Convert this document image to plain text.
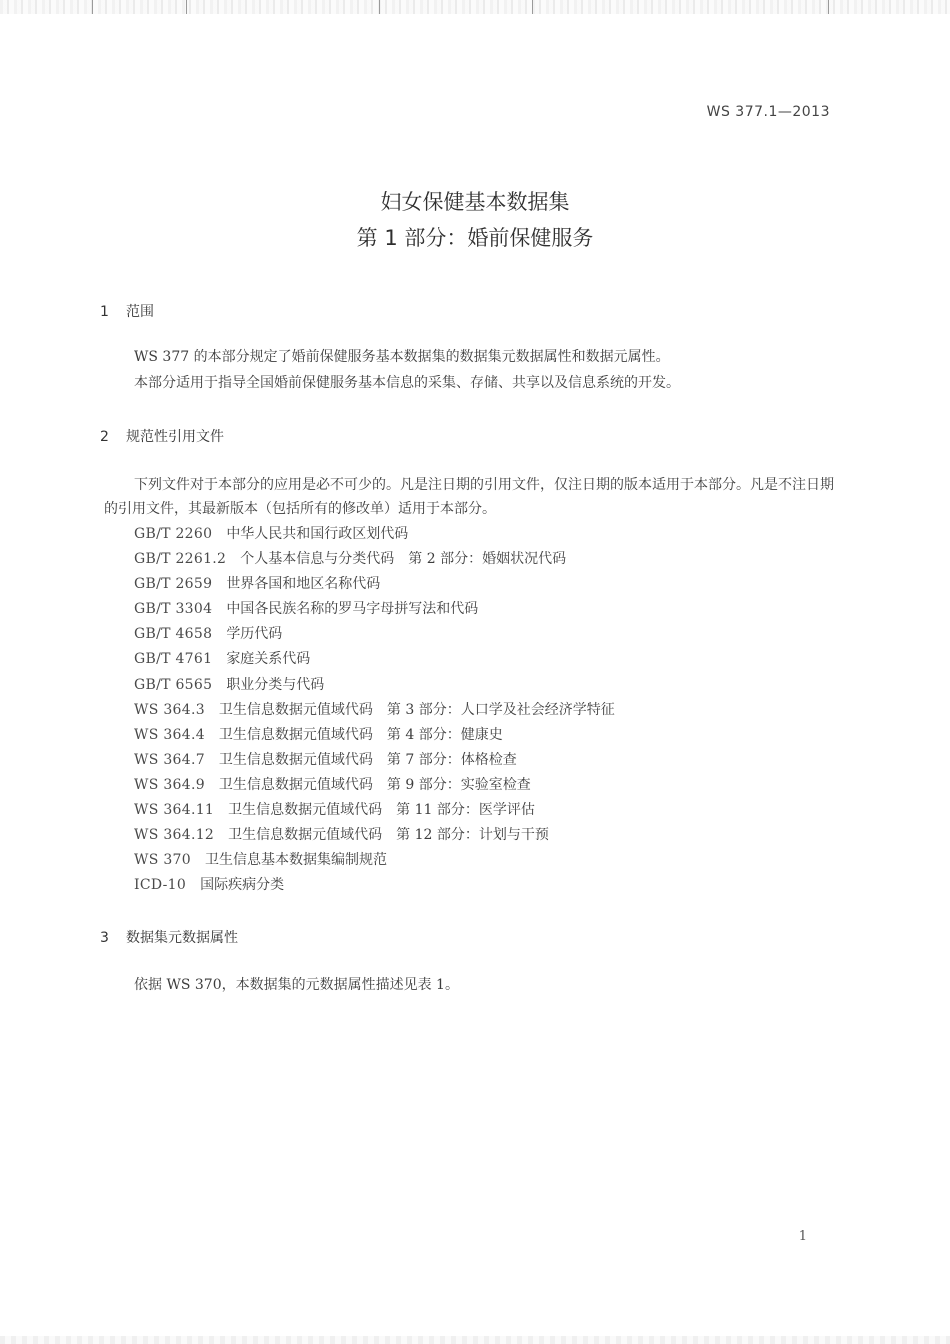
WS 377.1—2013
妇女保健基本数据集
第 1 部分：婚前保健服务
1 范围
WS 377 的本部分规定了婚前保健服务基本数据集的数据集元数据属性和数据元属性。
本部分适用于指导全国婚前保健服务基本信息的采集、存储、共享以及信息系统的开发。
2 规范性引用文件
下列文件对于本部分的应用是必不可少的。凡是注日期的引用文件，仅注日期的版本适用于本部分。凡是不注日期的引用文件，其最新版本（包括所有的修改单）适用于本部分。
GB/T 2260 中华人民共和国行政区划代码
GB/T 2261.2 个人基本信息与分类代码　第 2 部分：婚姻状况代码
GB/T 2659 世界各国和地区名称代码
GB/T 3304 中国各民族名称的罗马字母拼写法和代码
GB/T 4658 学历代码
GB/T 4761 家庭关系代码
GB/T 6565 职业分类与代码
WS 364.3 卫生信息数据元值域代码　第 3 部分：人口学及社会经济学特征
WS 364.4 卫生信息数据元值域代码　第 4 部分：健康史
WS 364.7 卫生信息数据元值域代码　第 7 部分：体格检查
WS 364.9 卫生信息数据元值域代码　第 9 部分：实验室检查
WS 364.11 卫生信息数据元值域代码　第 11 部分：医学评估
WS 364.12 卫生信息数据元值域代码　第 12 部分：计划与干预
WS 370 卫生信息基本数据集编制规范
ICD-10 国际疾病分类
3 数据集元数据属性
依据 WS 370，本数据集的元数据属性描述见表 1。
1
